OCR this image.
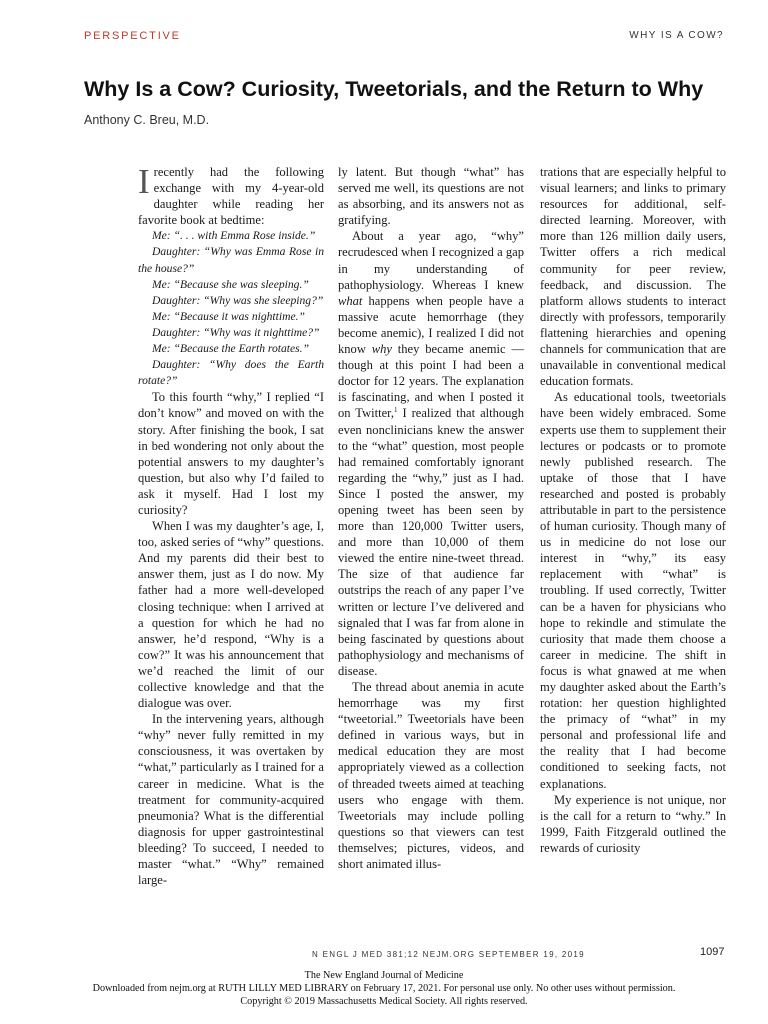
PERSPECTIVE	WHY IS A COW?
Why Is a Cow? Curiosity, Tweetorials, and the Return to Why
Anthony C. Breu, M.D.

Irecently had the following exchange with my 4-year-old daughter while reading her favorite book at bedtime:

Me: “. . . with Emma Rose inside.”

Daughter: “Why was Emma Rose in the house?”

Me: “Because she was sleeping.”

Daughter: “Why was she sleeping?”

Me: “Because it was nighttime.”

Daughter: “Why was it nighttime?”

Me: “Because the Earth rotates.”

Daughter: “Why does the Earth rotate?”

To this fourth “why,” I replied “I don’t know” and moved on with the story. After finishing the book, I sat in bed wondering not only about the potential answers to my daughter’s question, but also why I’d failed to ask it myself. Had I lost my curiosity?

When I was my daughter’s age, I, too, asked series of “why” questions. And my parents did their best to answer them, just as I do now. My father had a more well-developed closing technique: when I arrived at a question for which he had no answer, he’d respond, “Why is a cow?” It was his announcement that we’d reached the limit of our collective knowledge and that the dialogue was over.

In the intervening years, although “why” never fully remitted in my consciousness, it was overtaken by “what,” particularly as I trained for a career in medicine. What is the treatment for community-acquired pneumonia? What is the differential diagnosis for upper gastrointestinal bleeding? To succeed, I needed to master “what.” “Why” remained large-

ly latent. But though “what” has served me well, its questions are not as absorbing, and its answers not as gratifying.

About a year ago, “why” recrudesced when I recognized a gap in my understanding of pathophysiology. Whereas I knew what happens when people have a massive acute hemorrhage (they become anemic), I realized I did not know why they became anemic — though at this point I had been a doctor for 12 years. The explanation is fascinating, and when I posted it on Twitter,$^1$ I realized that although even nonclinicians knew the answer to the “what” question, most people had remained comfortably ignorant regarding the “why,” just as I had. Since I posted the answer, my opening tweet has been seen by more than 120,000 Twitter users, and more than 10,000 of them viewed the entire nine-tweet thread. The size of that audience far outstrips the reach of any paper I’ve written or lecture I’ve delivered and signaled that I was far from alone in being fascinated by questions about pathophysiology and mechanisms of disease.

The thread about anemia in acute hemorrhage was my first “tweetorial.” Tweetorials have been defined in various ways, but in medical education they are most appropriately viewed as a collection of threaded tweets aimed at teaching users who engage with them. Tweetorials may include polling questions so that viewers can test themselves; pictures, videos, and short animated illus-

trations that are especially helpful to visual learners; and links to primary resources for additional, self-directed learning. Moreover, with more than 126 million daily users, Twitter offers a rich medical community for peer review, feedback, and discussion. The platform allows students to interact directly with professors, temporarily flattening hierarchies and opening channels for communication that are unavailable in conventional medical education formats.

As educational tools, tweetorials have been widely embraced. Some experts use them to supplement their lectures or podcasts or to promote newly published research. The uptake of those that I have researched and posted is probably attributable in part to the persistence of human curiosity. Though many of us in medicine do not lose our interest in “why,” its easy replacement with “what” is troubling. If used correctly, Twitter can be a haven for physicians who hope to rekindle and stimulate the curiosity that made them choose a career in medicine. The shift in focus is what gnawed at me when my daughter asked about the Earth’s rotation: her question highlighted the primacy of “what” in my personal and professional life and the reality that I had become conditioned to seeking facts, not explanations.

My experience is not unique, nor is the call for a return to “why.” In 1999, Faith Fitzgerald outlined the rewards of curiosity

N ENGL J MED 381;12 NEJM.ORG SEPTEMBER 19, 2019	1097
The New England Journal of Medicine
Downloaded from nejm.org at RUTH LILLY MED LIBRARY on February 17, 2021. For personal use only. No other uses without permission.
Copyright © 2019 Massachusetts Medical Society. All rights reserved.
